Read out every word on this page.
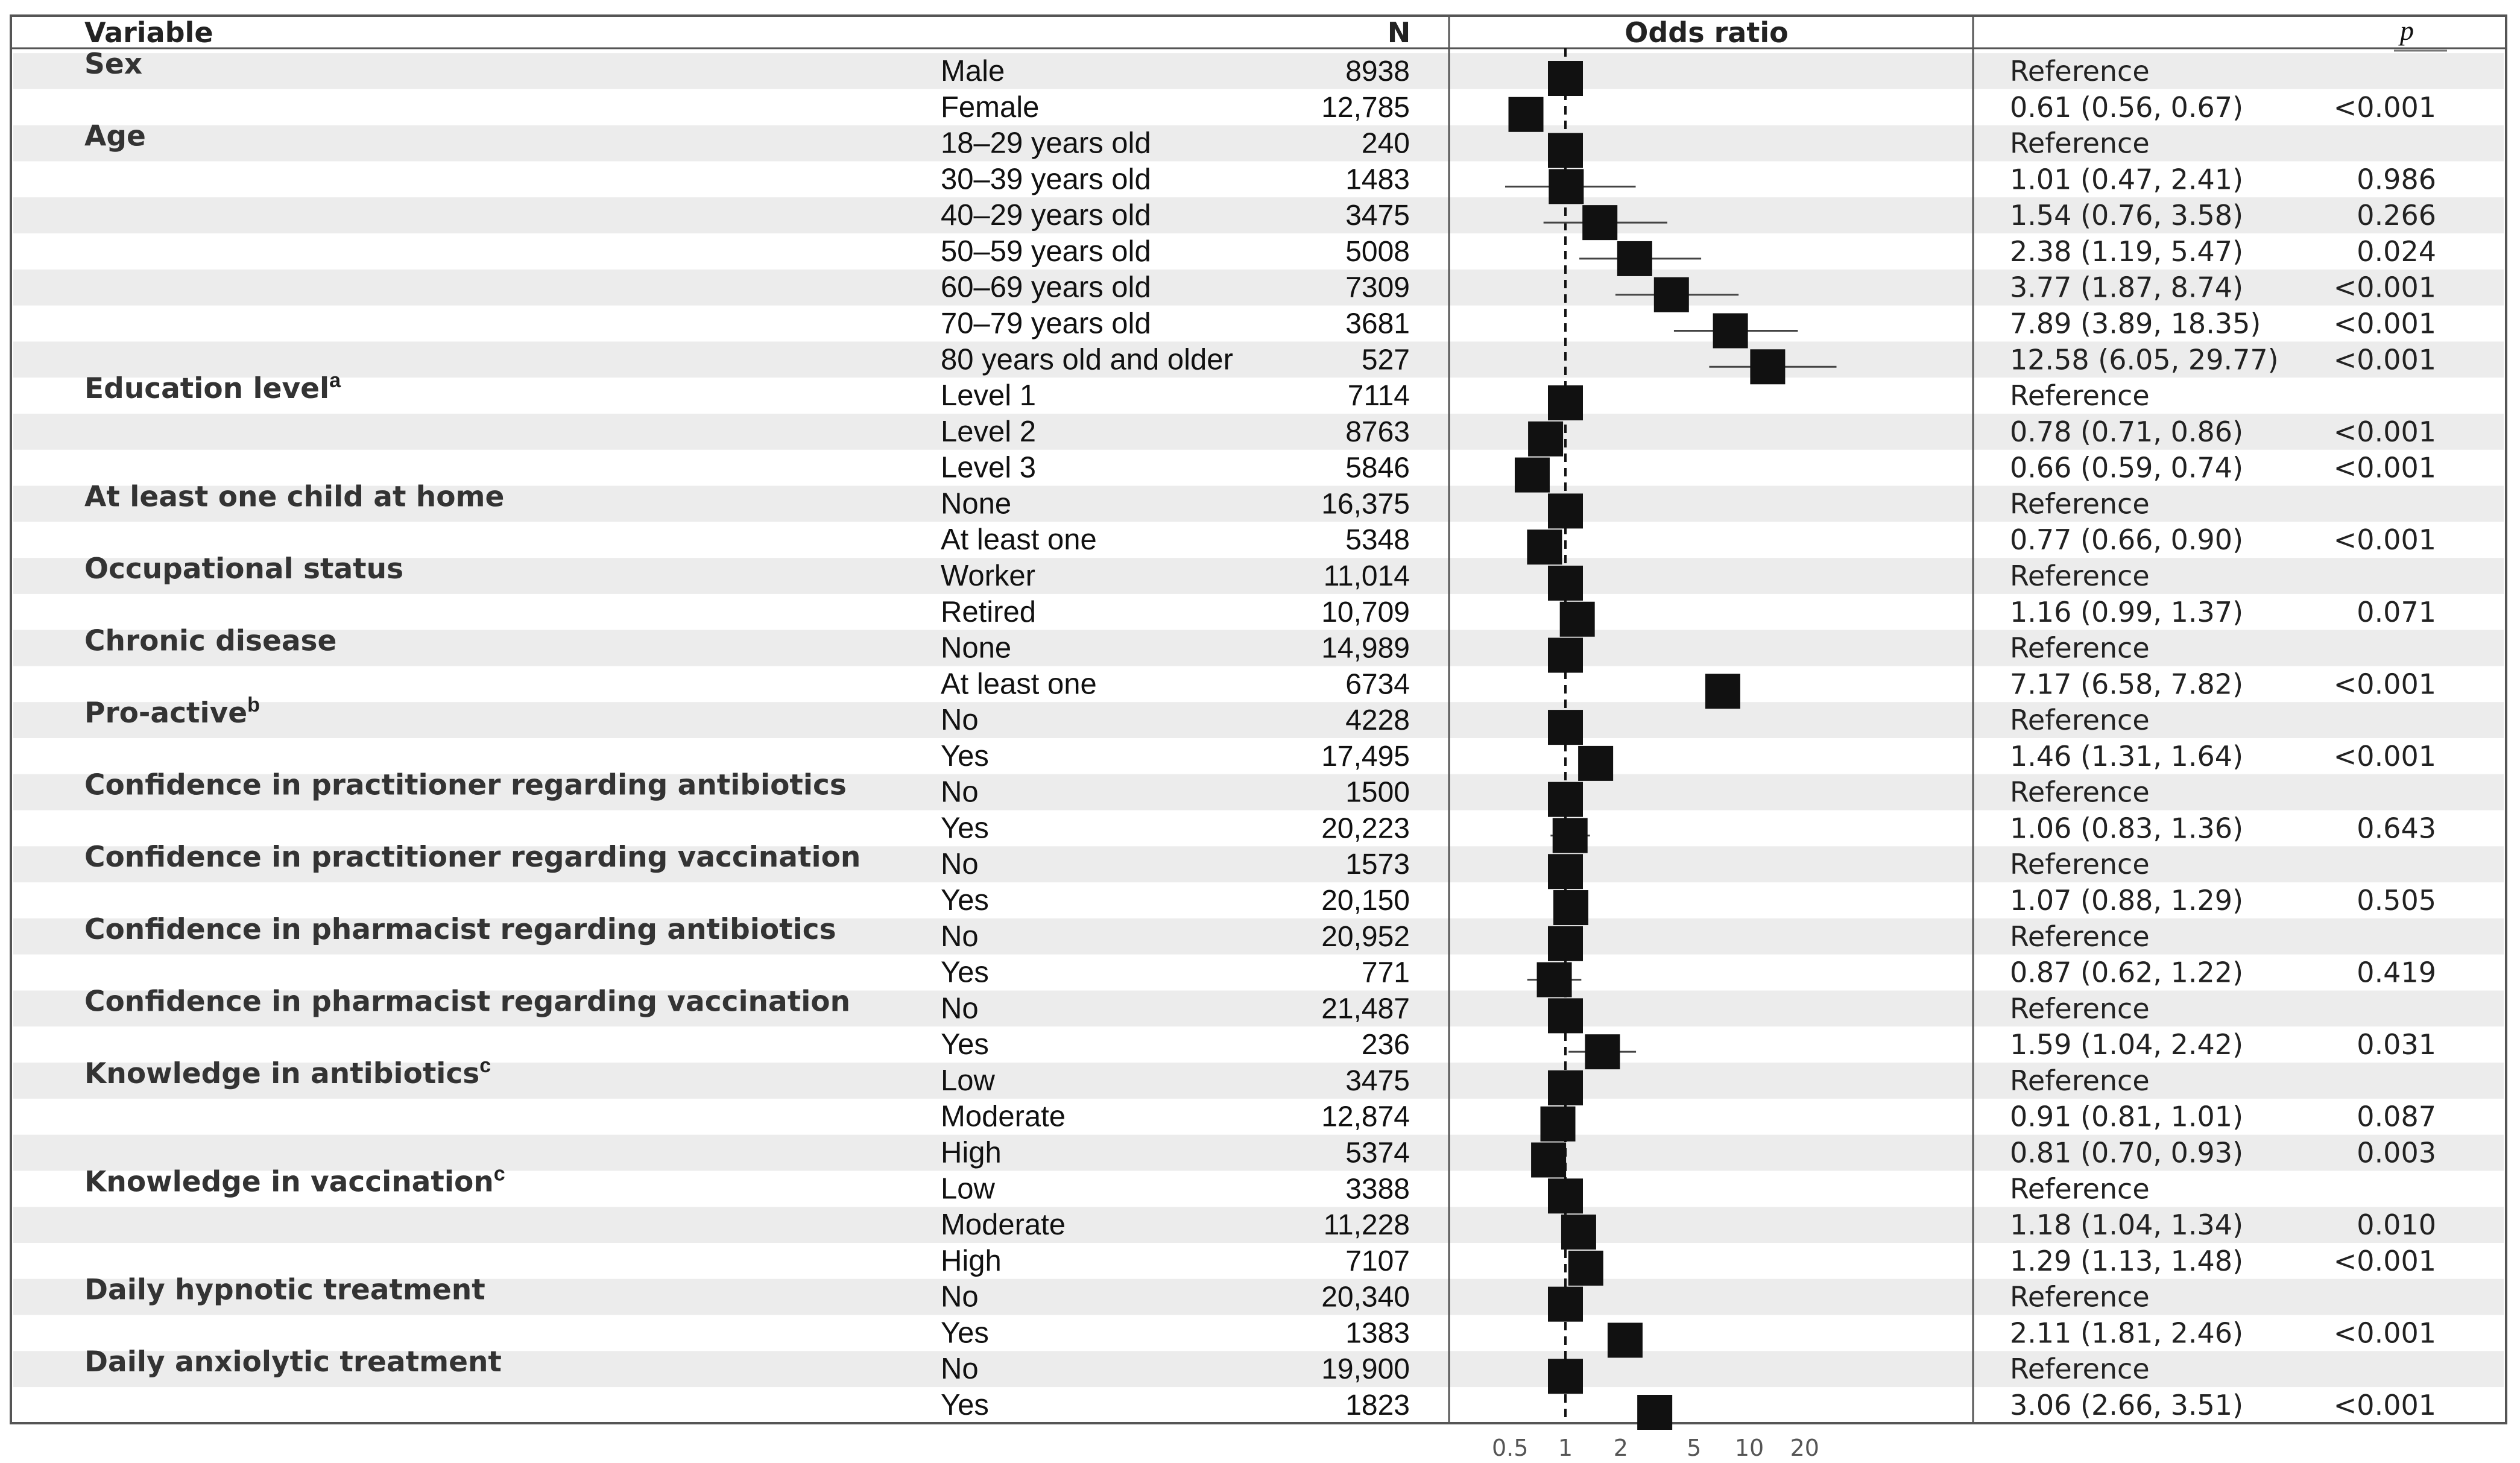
Variable	N	Odds ratio	p
Sex	Male	8938	Reference
Female	12,785	0.61 (0.56, 0.67)	<0.001
Age	18–29 years old	240	Reference
30–39 years old	1483	1.01 (0.47, 2.41)	0.986
40–29 years old	3475	1.54 (0.76, 3.58)	0.266
50–59 years old	5008	2.38 (1.19, 5.47)	0.024
60–69 years old	7309	3.77 (1.87, 8.74)	<0.001
70–79 years old	3681	7.89 (3.89, 18.35)	<0.001
80 years old and older	527	12.58 (6.05, 29.77) <0.001
Education level$^a$	Level 1	7114	Reference
Level 2	8763	0.78 (0.71, 0.86)	<0.001
Level 3	5846	0.66 (0.59, 0.74)	<0.001
At least one child at home	None	16,375	Reference
At least one	5348	0.77 (0.66, 0.90)	<0.001
Occupational status	Worker	11,014	Reference
Retired	10,709	1.16 (0.99, 1.37)	0.071
Chronic disease	None	14,989	Reference
At least one	6734	7.17 (6.58, 7.82)	<0.001
Pro-active$^b$	No	4228	Reference
Yes	17,495	1.46 (1.31, 1.64)	<0.001
Confidence in practitioner regarding antibiotics	No	1500	Reference
Yes	20,223	1.06 (0.83, 1.36)	0.643
Confidence in practitioner regarding vaccination	No	1573	Reference
Yes	20,150	1.07 (0.88, 1.29)	0.505
Confidence in pharmacist regarding antibiotics	No	20,952	Reference
Yes	771	0.87 (0.62, 1.22)	0.419
Confidence in pharmacist regarding vaccination	No	21,487	Reference
Yes	236	1.59 (1.04, 2.42)	0.031
Knowledge in antibiotics$^c$	Low	3475	Reference
Moderate	12,874	0.91 (0.81, 1.01)	0.087
High	5374	0.81 (0.70, 0.93)	0.003
Knowledge in vaccination$^c$	Low	3388	Reference
Moderate	11,228	1.18 (1.04, 1.34)	0.010
High	7107	1.29 (1.13, 1.48)	<0.001
Daily hypnotic treatment	No	20,340	Reference
Yes	1383	2.11 (1.81, 2.46)	<0.001
Daily anxiolytic treatment	No	19,900	Reference
Yes	1823	3.06 (2.66, 3.51)	<0.001
0.5 1 2	5 10 20
